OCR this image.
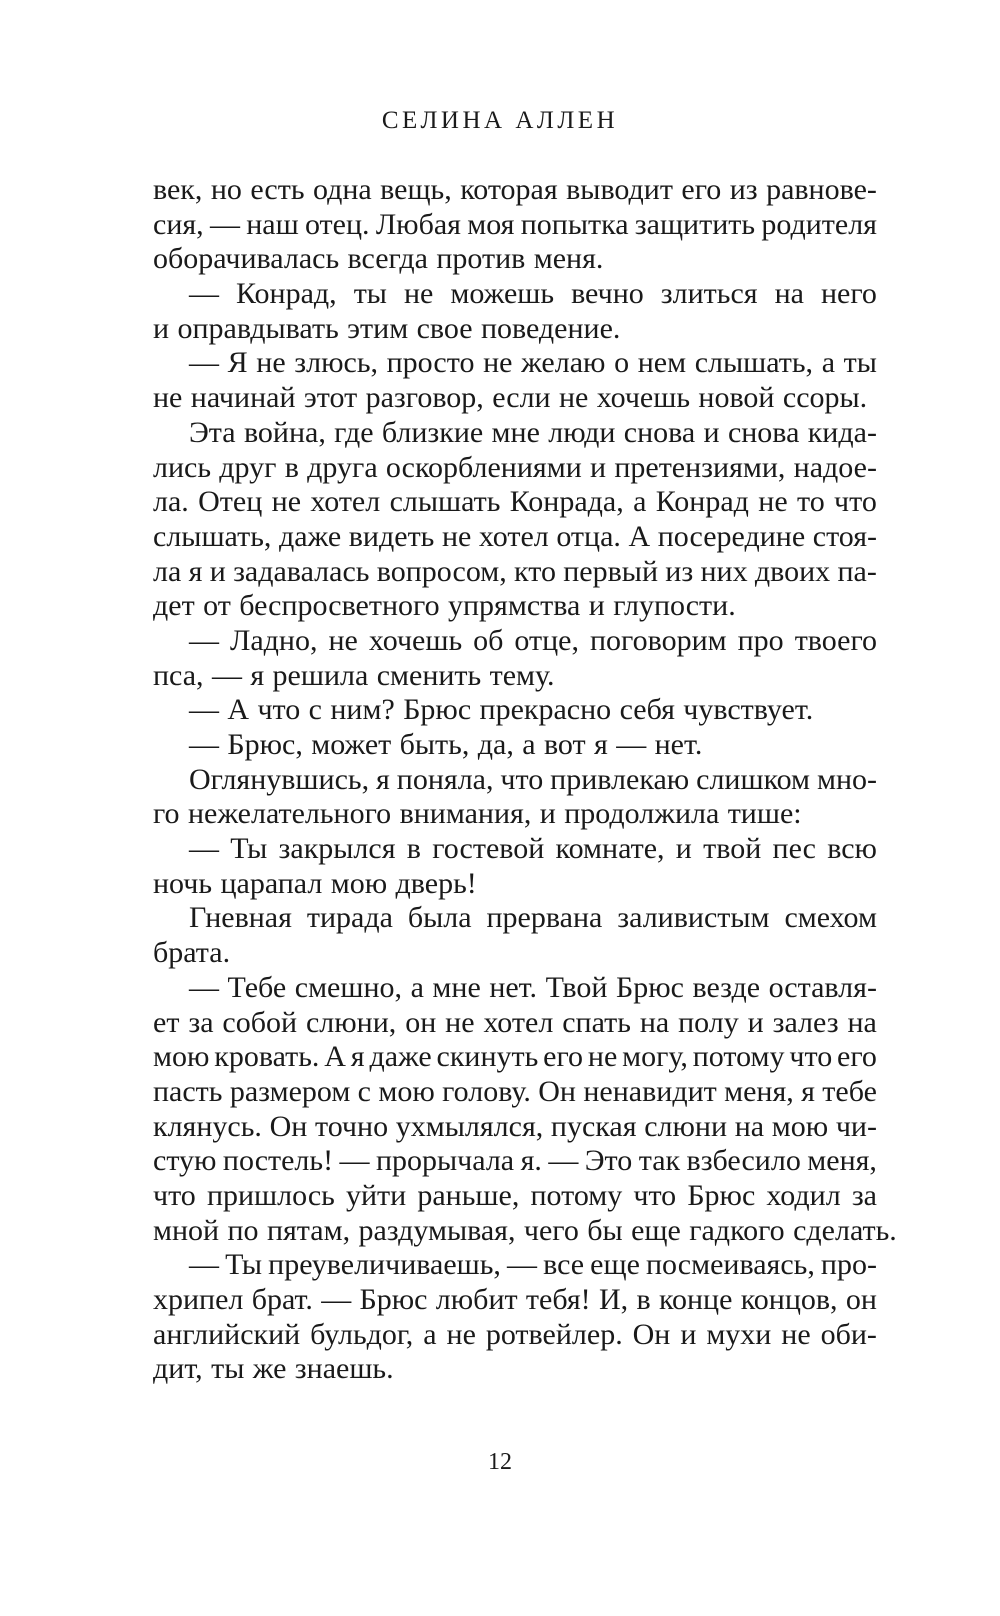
СЕЛИНА АЛЛЕН
век, но есть одна вещь, которая выводит его из равнове-
сия, — наш отец. Любая моя попытка защитить родителя
оборачивалась всегда против меня.
— Конрад, ты не можешь вечно злиться на него
и оправдывать этим свое поведение.
— Я не злюсь, просто не желаю о нем слышать, а ты
не начинай этот разговор, если не хочешь новой ссоры.
Эта война, где близкие мне люди снова и снова кида-
лись друг в друга оскорблениями и претензиями, надое-
ла. Отец не хотел слышать Конрада, а Конрад не то что
слышать, даже видеть не хотел отца. А посередине стоя-
ла я и задавалась вопросом, кто первый из них двоих па-
дет от беспросветного упрямства и глупости.
— Ладно, не хочешь об отце, поговорим про твоего
пса, — я решила сменить тему.
— А что с ним? Брюс прекрасно себя чувствует.
— Брюс, может быть, да, а вот я — нет.
Оглянувшись, я поняла, что привлекаю слишком мно-
го нежелательного внимания, и продолжила тише:
— Ты закрылся в гостевой комнате, и твой пес всю
ночь царапал мою дверь!
Гневная тирада была прервана заливистым смехом
брата.
— Тебе смешно, а мне нет. Твой Брюс везде оставля-
ет за собой слюни, он не хотел спать на полу и залез на
мою кровать. А я даже скинуть его не могу, потому что его
пасть размером с мою голову. Он ненавидит меня, я тебе
клянусь. Он точно ухмылялся, пуская слюни на мою чи-
стую постель! — прорычала я. — Это так взбесило меня,
что пришлось уйти раньше, потому что Брюс ходил за
мной по пятам, раздумывая, чего бы еще гадкого сделать.
— Ты преувеличиваешь, — все еще посмеиваясь, про-
хрипел брат. — Брюс любит тебя! И, в конце концов, он
английский бульдог, а не ротвейлер. Он и мухи не оби-
дит, ты же знаешь.
12
